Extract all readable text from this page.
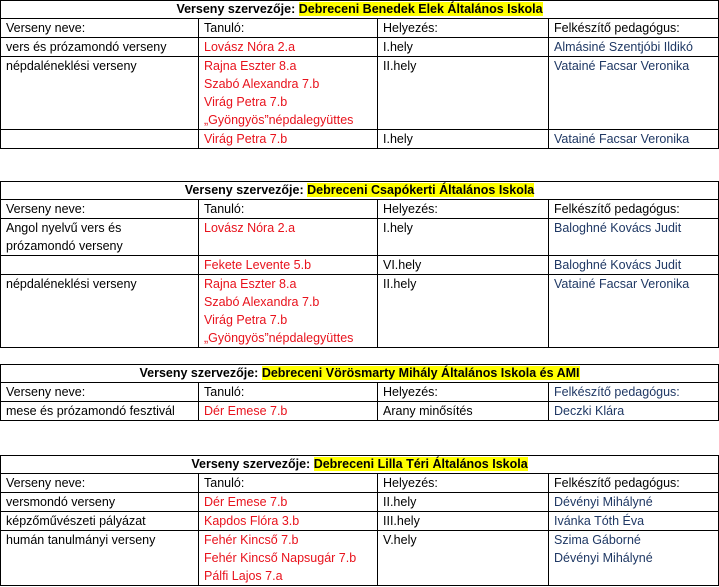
Verseny szervezője: Debreceni Benedek Elek Általános Iskola			
Verseny neve:	Tanuló:	Helyezés:	Felkészítő pedagógus:

vers és prózamondó verseny	Lovász Nóra 2.a	I.hely	Almásiné Szentjóbi Ildikó

népdaléneklési verseny	Rajna Eszter 8.a
Szabó Alexandra 7.b
Virág Petra 7.b
„Gyöngyös”népdalegyüttes	II.hely	Vatainé Facsar Veronika

	Virág Petra 7.b	I.hely	Vatainé Facsar Veronika
Verseny szervezője: Debreceni Csapókerti Általános Iskola			
Verseny neve:	Tanuló:	Helyezés:	Felkészítő pedagógus:

Angol nyelvű vers és
prózamondó verseny	Lovász Nóra 2.a	I.hely	Baloghné Kovács Judit

	Fekete Levente 5.b	VI.hely	Baloghné Kovács Judit

népdaléneklési verseny	Rajna Eszter 8.a
Szabó Alexandra 7.b
Virág Petra 7.b
„Gyöngyös”népdalegyüttes	II.hely	Vatainé Facsar Veronika
Verseny szervezője: Debreceni Vörösmarty Mihály Általános Iskola és AMI			
Verseny neve:	Tanuló:	Helyezés:	Felkészítő pedagógus:

mese és prózamondó fesztivál	Dér Emese 7.b	Arany minősítés	Deczki Klára
Verseny szervezője: Debreceni Lilla Téri Általános Iskola			
Verseny neve:	Tanuló:	Helyezés:	Felkészítő pedagógus:

versmondó verseny	Dér Emese 7.b	II.hely	Dévényi Mihályné

képzőművészeti pályázat	Kapdos Flóra 3.b	III.hely	Ivánka Tóth Éva

humán tanulmányi verseny	Fehér Kincső 7.b
Fehér Kincső Napsugár 7.b
Pálfi Lajos 7.a	V.hely	Szima Gáborné
Dévényi Mihályné
